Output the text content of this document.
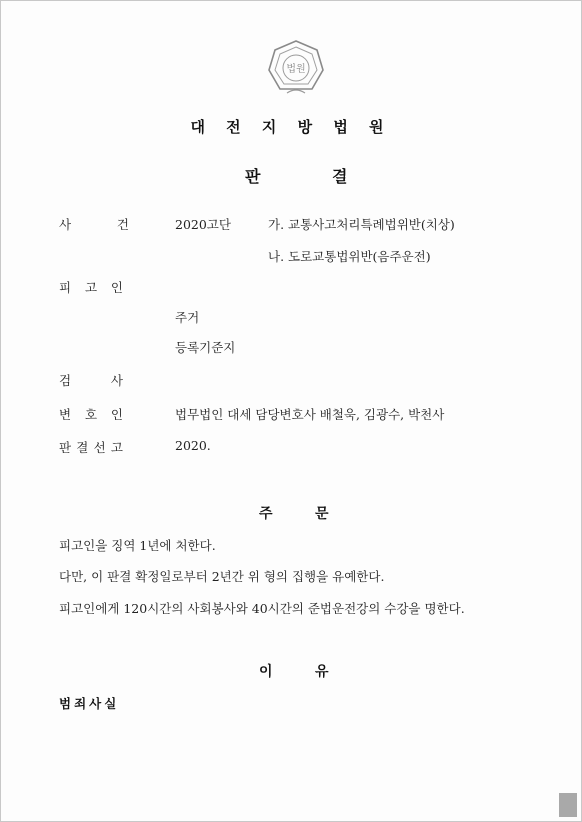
법원
대 전 지 방 법 원
판	결
사	건	2020고단	가. 교통사고처리특례법위반(치상)
나. 도로교통법위반(음주운전)
피 고 인
주거
등록기준지
검	사
변 호 인	법무법인 대세 담당변호사 배철욱, 김광수, 박천사
판 결 선 고	2020.
주	문
피고인을 징역 1년에 처한다.
다만, 이 판결 확정일로부터 2년간 위 형의 집행을 유예한다.
피고인에게 120시간의 사회봉사와 40시간의 준법운전강의 수강을 명한다.
이	유
범죄사실
